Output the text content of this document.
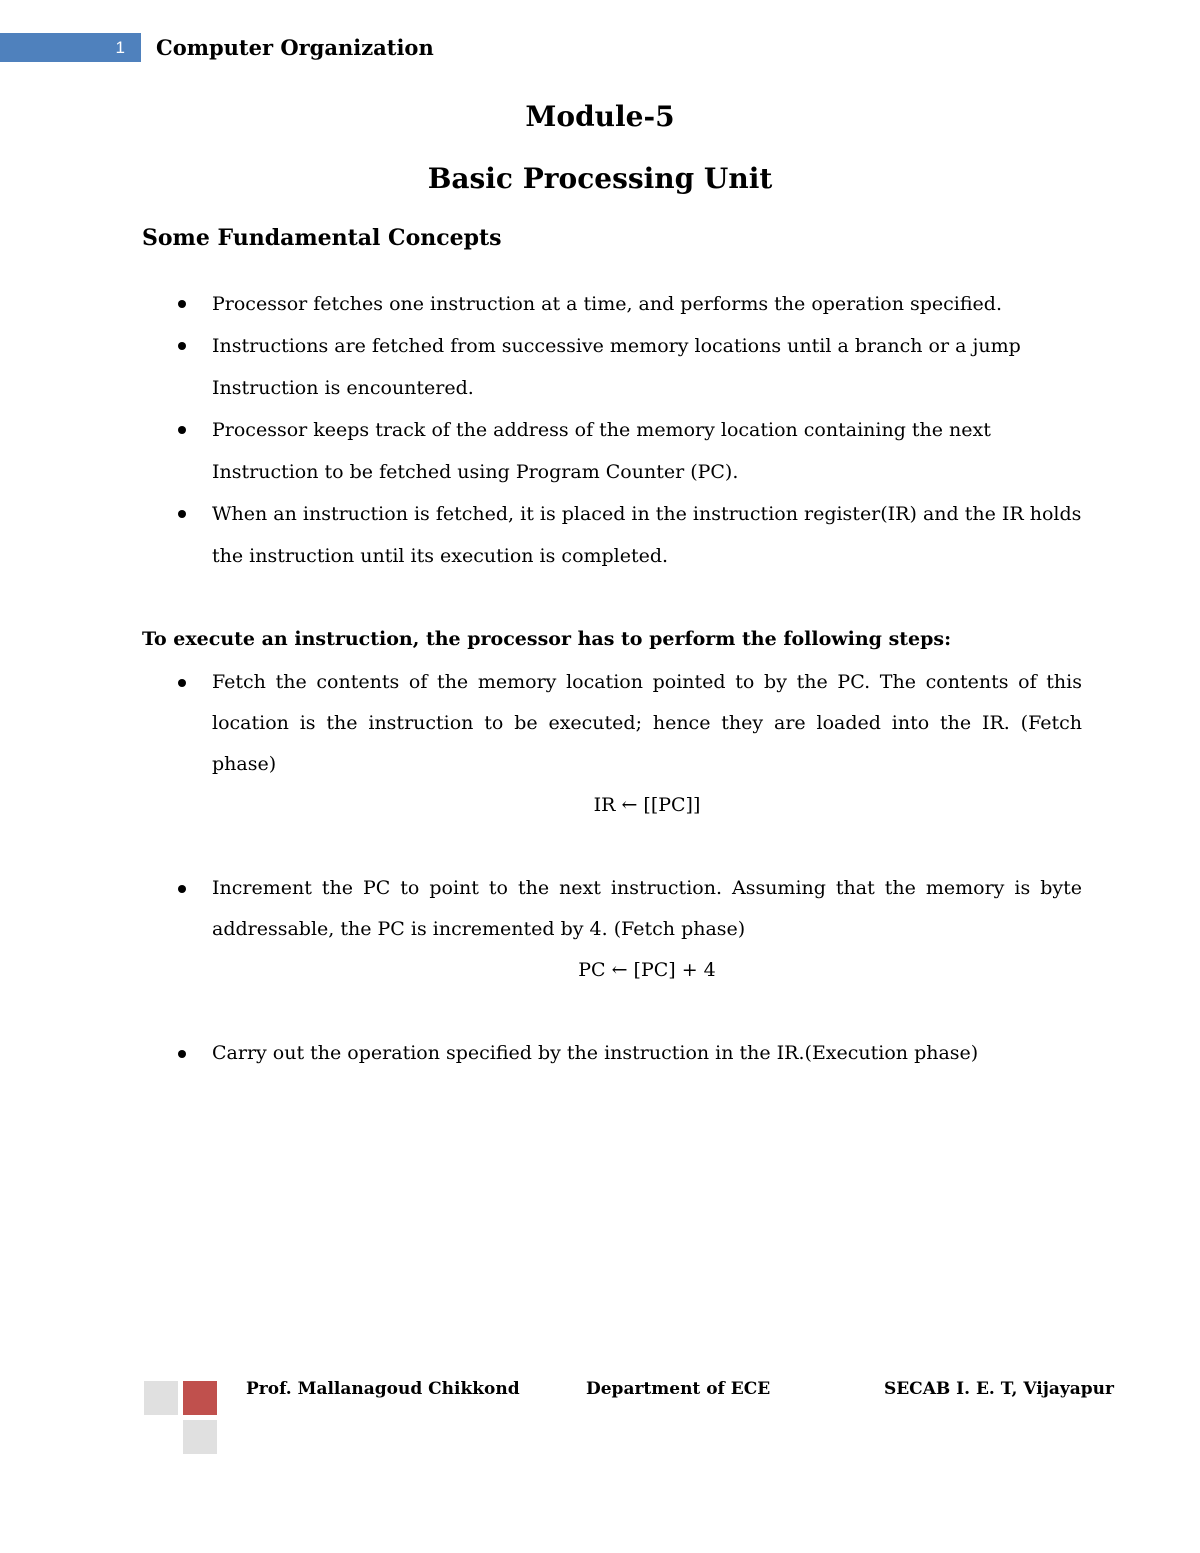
1	Computer Organization
Module-5
Basic Processing Unit
Some Fundamental Concepts
Processor fetches one instruction at a time, and performs the operation specified.
Instructions are fetched from successive memory locations until a branch or a jump Instruction is encountered.
Processor keeps track of the address of the memory location containing the next Instruction to be fetched using Program Counter (PC).
When an instruction is fetched, it is placed in the instruction register(IR) and the IR holds the instruction until its execution is completed.
To execute an instruction, the processor has to perform the following steps:
Fetch the contents of the memory location pointed to by the PC. The contents of this location is the instruction to be executed; hence they are loaded into the IR. (Fetch phase)
IR ← [[PC]]
Increment the PC to point to the next instruction. Assuming that the memory is byte addressable, the PC is incremented by 4. (Fetch phase)
PC ← [PC] + 4
Carry out the operation specified by the instruction in the IR.(Execution phase)
Prof. Mallanagoud Chikkond	Department of ECE	SECAB I. E. T, Vijayapur
